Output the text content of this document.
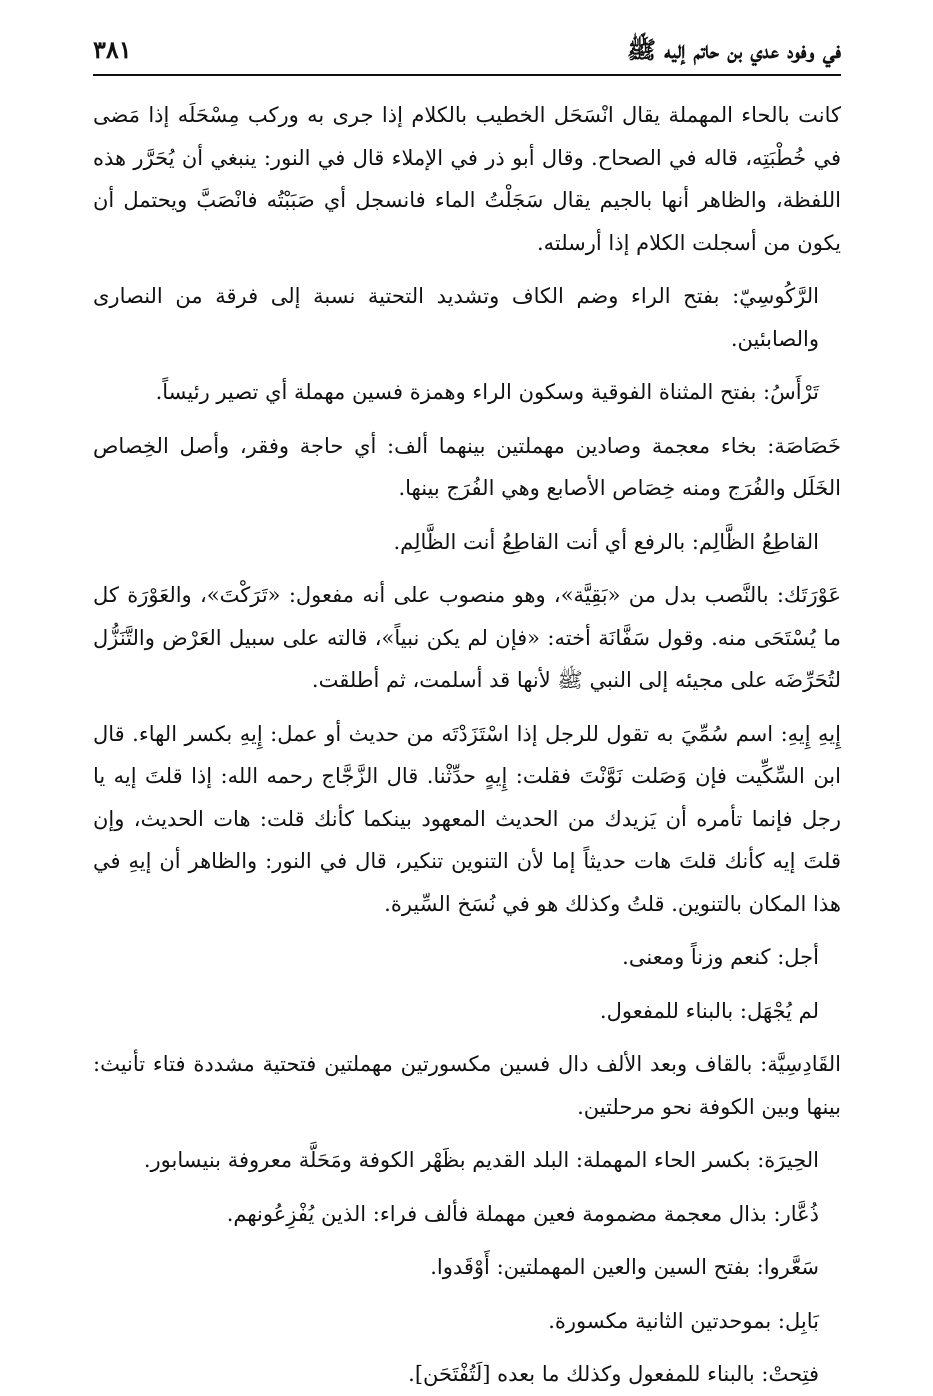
في وفود عدي بن حاتم إليه ﷺ
٣٨١

كانت بالحاء المهملة يقال انْسَحَل الخطيب بالكلام إذا جرى به وركب مِسْحَلَه إذا مَضى في خُطْبَتِه، قاله في الصحاح. وقال أبو ذر في الإملاء قال في النور: ينبغي أن يُحَرَّر هذه اللفظة، والظاهر أنها بالجيم يقال سَجَلْتُ الماء فانسجل أي صَبَبْتُه فانْصَبَّ ويحتمل أن يكون من أسجلت الكلام إذا أرسلته.

الرَّكُوسِيّ: بفتح الراء وضم الكاف وتشديد التحتية نسبة إلى فرقة من النصارى والصابئين.

تَرْأَسُ: بفتح المثناة الفوقية وسكون الراء وهمزة فسين مهملة أي تصير رئيساً.

خَصَاصَة: بخاء معجمة وصادين مهملتين بينهما ألف: أي حاجة وفقر، وأصل الخِصاص الخَلَل والفُرَج ومنه خِصَاص الأصابع وهي الفُرَج بينها.

القاطِعُ الظَّالِم: بالرفع أي أنت القاطِعُ أنت الظَّالِم.

عَوْرَتَك: بالنَّصب بدل من «بَقِيَّة»، وهو منصوب على أنه مفعول: «تَرَكْتَ»، والعَوْرَة كل ما يُسْتَحَى منه. وقول سَفَّانَة أخته: «فإن لم يكن نبياً»، قالته على سبيل العَرْض والتَّنَزُّل لتُحَرِّضَه على مجيئه إلى النبي ﷺ لأنها قد أسلمت، ثم أطلقت.

إِيهِ إِيهِ: اسم سُمِّيَ به تقول للرجل إذا اسْتَزَدْتَه من حديث أو عمل: إِيهِ بكسر الهاء. قال ابن السِّكِّيت فإن وَصَلت نَوَّنْتَ فقلت: إِيهٍ حدِّثْنا. قال الزَّجَّاج رحمه الله: إذا قلتَ إيه يا رجل فإنما تأمره أن يَزيدك من الحديث المعهود بينكما كأنك قلت: هات الحديث، وإن قلتَ إيه كأنك قلتَ هات حديثاً إما لأن التنوين تنكير، قال في النور: والظاهر أن إيهِ في هذا المكان بالتنوين. قلتُ وكذلك هو في نُسَخ السِّيرة.

أجل: كنعم وزناً ومعنى.

لم يُجْهَل: بالبناء للمفعول.

القَادِسِيَّة: بالقاف وبعد الألف دال فسين مكسورتين مهملتين فتحتية مشددة فتاء تأنيث: بينها وبين الكوفة نحو مرحلتين.

الحِيرَة: بكسر الحاء المهملة: البلد القديم بظَهْر الكوفة ومَحَلَّة معروفة بنيسابور.

ذُعَّار: بذال معجمة مضمومة فعين مهملة فألف فراء: الذين يُفْزِعُونهم.

سَعَّروا: بفتح السين والعين المهملتين: أَوْقَدوا.

بَابِل: بموحدتين الثانية مكسورة.

فتِحتْ: بالبناء للمفعول وكذلك ما بعده [لَتُفْتَحَن].
